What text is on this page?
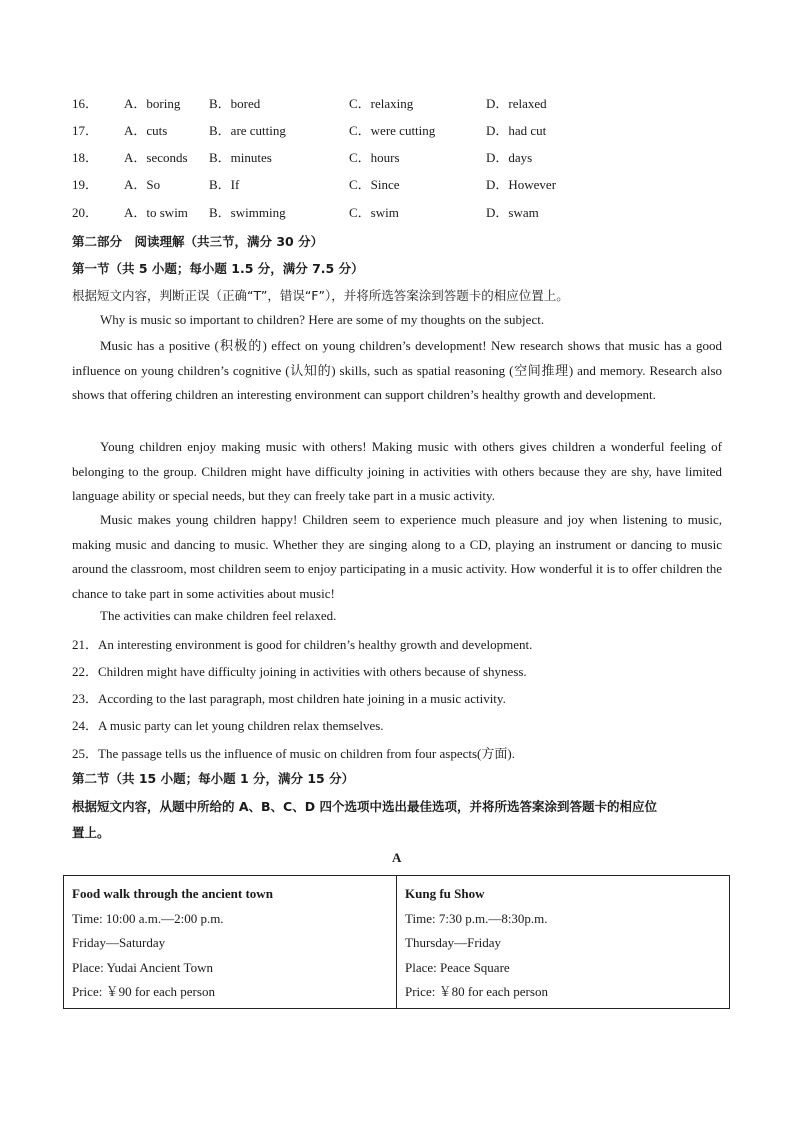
16． A．boring B．bored	C．relaxing	D．relaxed
17． A．cuts	B．are cutting	C．were cutting	D．had cut
18． A．seconds B．minutes	C．hours	D．days
19． A．So	B．If	C．Since	D．However
20． A．to swim B．swimming	C．swim	D．swam
第二部分　阅读理解（共三节，满分 30 分）
第一节（共 5 小题；每小题 1.5 分，满分 7.5 分）
根据短文内容，判断正误（正确“T”，错误“F”），并将所选答案涂到答题卡的相应位置上。
Why is music so important to children? Here are some of my thoughts on the subject.
Music has a positive (积极的) effect on young children’s development! New research shows that music has a good influence on young children’s cognitive (认知的) skills, such as spatial reasoning (空间推理) and memory. Research also shows that offering children an interesting environment can support children’s healthy growth and development.
Young children enjoy making music with others! Making music with others gives children a wonderful feeling of belonging to the group. Children might have difficulty joining in activities with others because they are shy, have limited language ability or special needs, but they can freely take part in a music activity.
Music makes young children happy! Children seem to experience much pleasure and joy when listening to music, making music and dancing to music. Whether they are singing along to a CD, playing an instrument or dancing to music around the classroom, most children seem to enjoy participating in a music activity. How wonderful it is to offer children the chance to take part in some activities about music!
The activities can make children feel relaxed.
21．An interesting environment is good for children’s healthy growth and development.
22．Children might have difficulty joining in activities with others because of shyness.
23．According to the last paragraph, most children hate joining in a music activity.
24．A music party can let young children relax themselves.
25．The passage tells us the influence of music on children from four aspects(方面).
第二节（共 15 小题；每小题 1 分，满分 15 分）
根据短文内容，从题中所给的 A、B、C、D 四个选项中选出最佳选项，并将所选答案涂到答题卡的相应位
置上。
A
Food walk through the ancient town
Time: 10:00 a.m.—2:00 p.m.
Friday—Saturday
Place: Yudai Ancient Town
Price: ￥90 for each person

Kung fu Show
Time: 7:30 p.m.—8:30p.m.
Thursday—Friday
Place: Peace Square
Price: ￥80 for each person
